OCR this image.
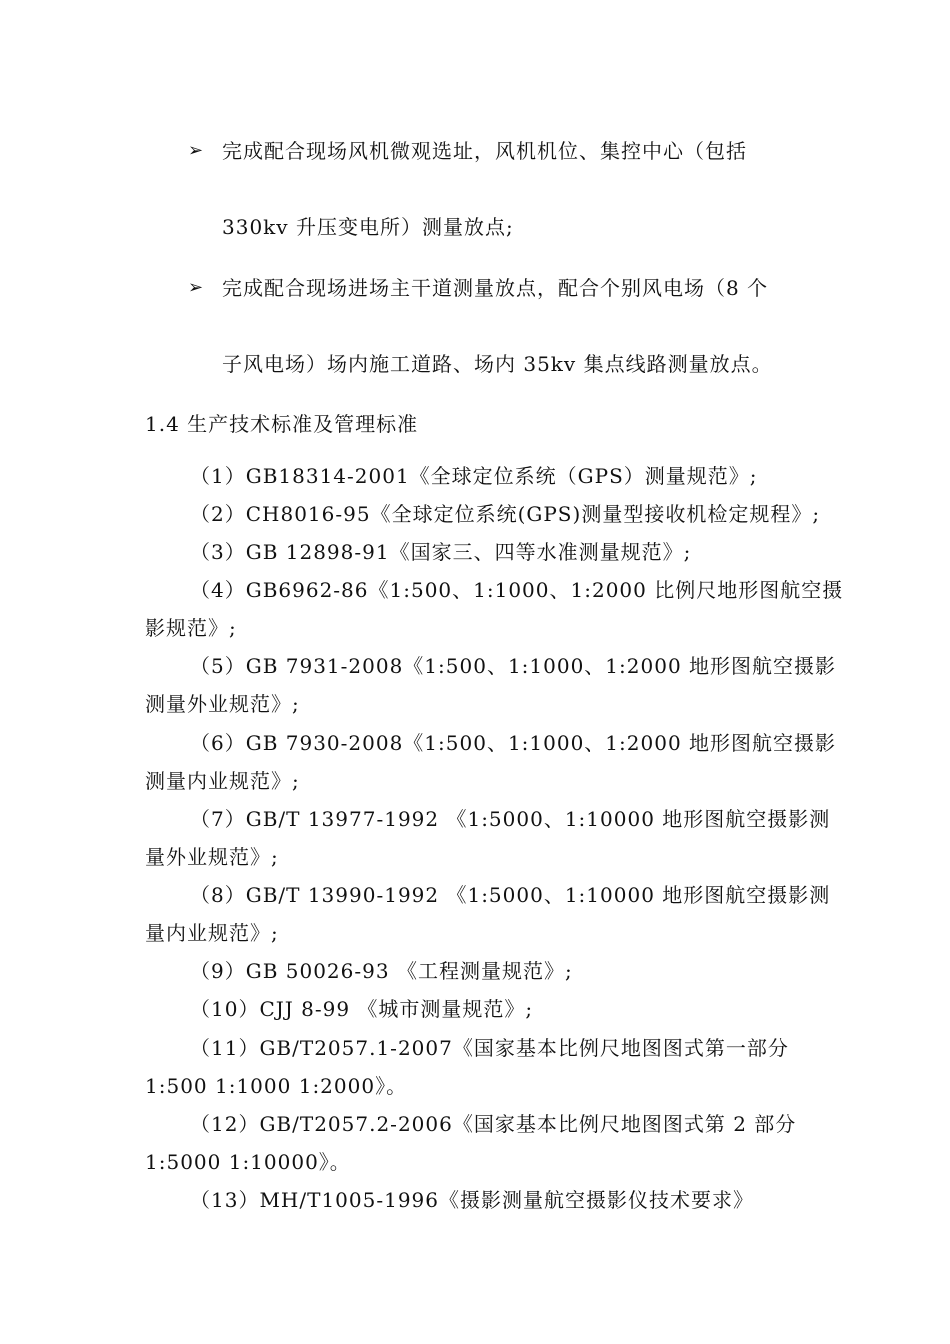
➢ 完成配合现场风机微观选址，风机机位、集控中心（包括
330kv 升压变电所）测量放点;
➢ 完成配合现场进场主干道测量放点，配合个别风电场（8 个
子风电场）场内施工道路、场内 35kv 集点线路测量放点。
1.4 生产技术标准及管理标准
（1）GB18314-2001《全球定位系统（GPS）测量规范》;
（2）CH8016-95《全球定位系统(GPS)测量型接收机检定规程》;
（3）GB 12898-91《国家三、四等水准测量规范》;
（4）GB6962-86《1:500、1:1000、1:2000 比例尺地形图航空摄
影规范》;
（5）GB 7931-2008《1:500、1:1000、1:2000 地形图航空摄影
测量外业规范》;
（6）GB 7930-2008《1:500、1:1000、1:2000 地形图航空摄影
测量内业规范》;
（7）GB/T 13977-1992 《1:5000、1:10000 地形图航空摄影测
量外业规范》;
（8）GB/T 13990-1992 《1:5000、1:10000 地形图航空摄影测
量内业规范》;
（9）GB 50026-93 《工程测量规范》;
（10）CJJ 8-99 《城市测量规范》;
（11）GB/T2057.1-2007《国家基本比例尺地图图式第一部分
1:500 1:1000 1:2000》。
（12）GB/T2057.2-2006《国家基本比例尺地图图式第 2 部分
1:5000 1:10000》。
（13）MH/T1005-1996《摄影测量航空摄影仪技术要求》
